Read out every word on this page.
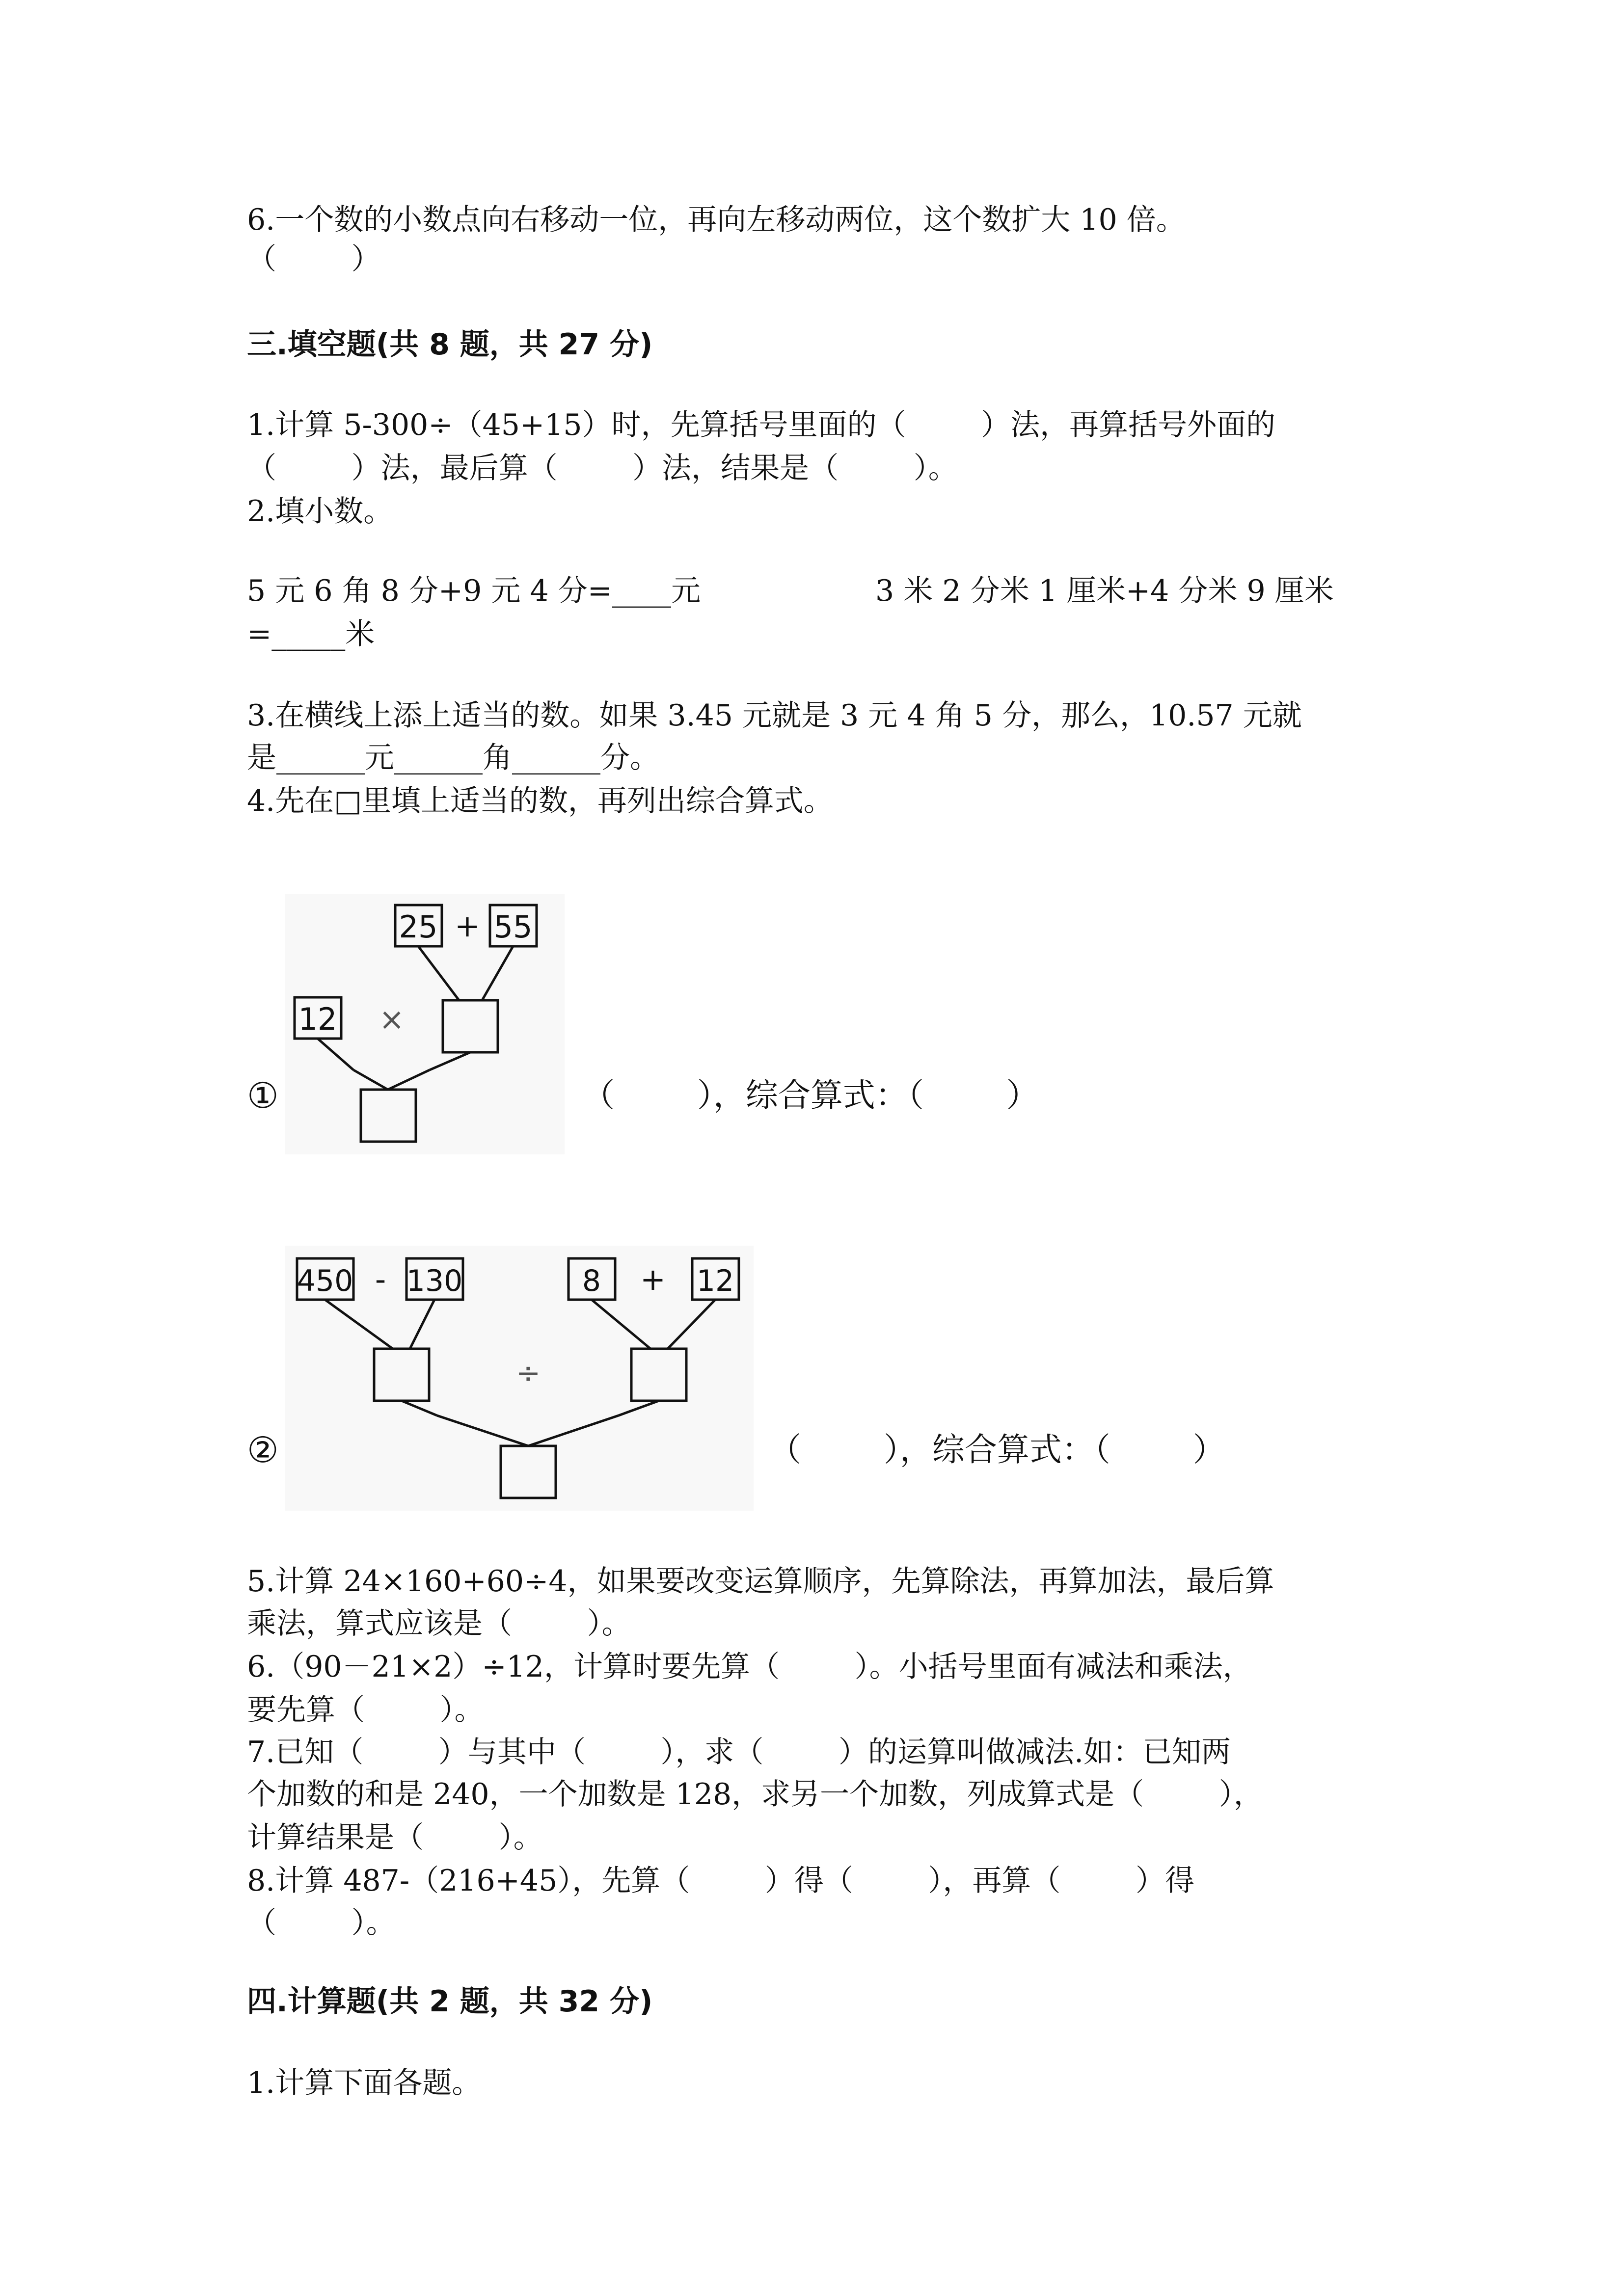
6.一个数的小数点向右移动一位，再向左移动两位，这个数扩大 10 倍。
（        ）
三.填空题(共 8 题，共 27 分)
1.计算 5-300÷（45+15）时，先算括号里面的（        ）法，再算括号外面的
（        ）法，最后算（        ）法，结果是（        ）。
2.填小数。
5 元 6 角 8 分+9 元 4 分=____元	3 米 2 分米 1 厘米+4 分米 9 厘米
=_____米
3.在横线上添上适当的数。如果 3.45 元就是 3 元 4 角 5 分，那么，10.57 元就
是______元______角______分。
4.先在□里填上适当的数，再列出综合算式。
①
25 + 55
12 ×
（        ），综合算式：（        ）
②
450 - 130	8 + 12
÷
（        ），综合算式：（        ）
5.计算 24×160+60÷4，如果要改变运算顺序，先算除法，再算加法，最后算
乘法，算式应该是（        ）。
6.（90－21×2）÷12，计算时要先算（        ）。小括号里面有减法和乘法，
要先算（        ）。
7.已知（        ）与其中（        ），求（        ）的运算叫做减法.如：已知两
个加数的和是 240，一个加数是 128，求另一个加数，列成算式是（        ），
计算结果是（        ）。
8.计算 487-（216+45），先算（        ）得（        ），再算（        ）得
（        ）。
四.计算题(共 2 题，共 32 分)
1.计算下面各题。
